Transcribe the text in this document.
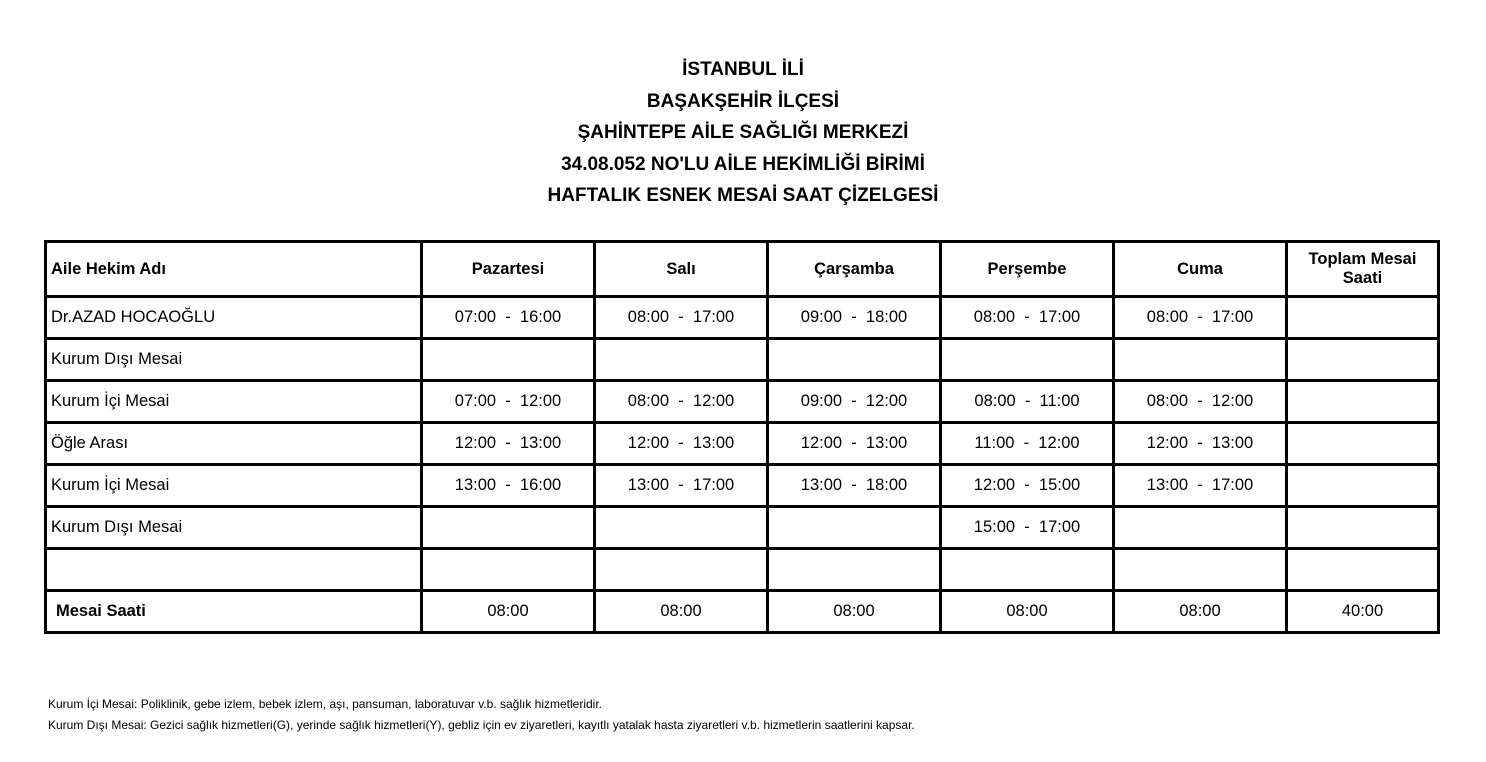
İSTANBUL İLİ
BAŞAKŞEHİR İLÇESİ
ŞAHİNTEPE AİLE SAĞLIĞI MERKEZİ
34.08.052 NO'LU AİLE HEKİMLİĞİ BİRİMİ
HAFTALIK ESNEK MESAİ SAAT ÇİZELGESİ
Aile Hekim Adı	Pazartesi	Salı	Çarşamba	Perşembe	Cuma	Toplam Mesai Saati
Dr.AZAD HOCAOĞLU	07:00  -  16:00	08:00  -  17:00	09:00  -  18:00	08:00  -  17:00	08:00  -  17:00	
Kurum Dışı Mesai						
Kurum İçi Mesai	07:00  -  12:00	08:00  -  12:00	09:00  -  12:00	08:00  -  11:00	08:00  -  12:00	
Öğle Arası	12:00  -  13:00	12:00  -  13:00	12:00  -  13:00	11:00  -  12:00	12:00  -  13:00	
Kurum İçi Mesai	13:00  -  16:00	13:00  -  17:00	13:00  -  18:00	12:00  -  15:00	13:00  -  17:00	
Kurum Dışı Mesai				15:00  -  17:00		

Mesai Saati	08:00	08:00	08:00	08:00	08:00	40:00
Kurum İçi Mesai: Poliklinik, gebe izlem, bebek izlem, aşı, pansuman, laboratuvar v.b. sağlık hizmetleridir.
Kurum Dışı Mesai: Gezici sağlık hizmetleri(G), yerinde sağlık hizmetleri(Y), gebliz için ev ziyaretleri, kayıtlı yatalak hasta ziyaretleri v.b. hizmetlerin saatlerini kapsar.
